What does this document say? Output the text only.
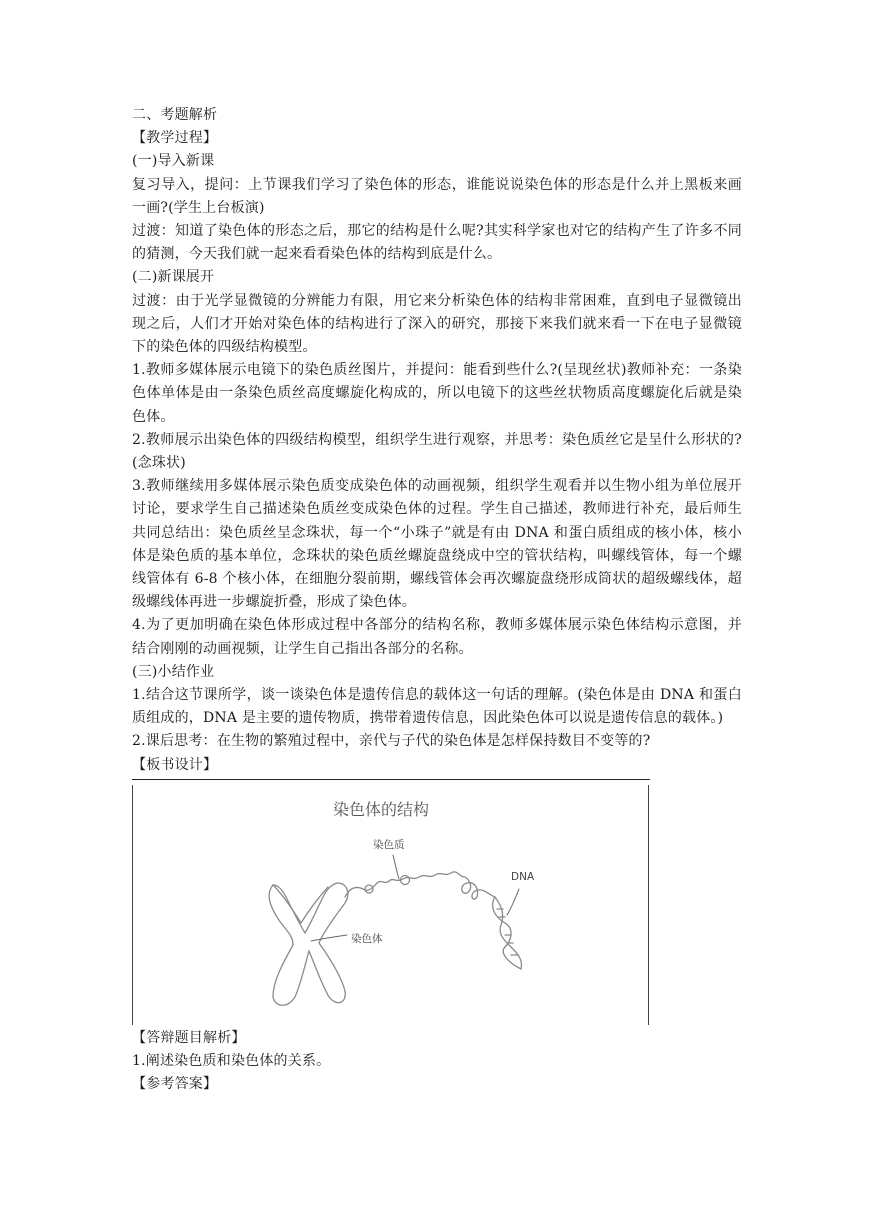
二、考题解析
【教学过程】
(一)导入新课
复习导入，提问：上节课我们学习了染色体的形态，谁能说说染色体的形态是什么并上黑板来画一画?(学生上台板演)
过渡：知道了染色体的形态之后，那它的结构是什么呢?其实科学家也对它的结构产生了许多不同的猜测，今天我们就一起来看看染色体的结构到底是什么。
(二)新课展开
过渡：由于光学显微镜的分辨能力有限，用它来分析染色体的结构非常困难，直到电子显微镜出现之后，人们才开始对染色体的结构进行了深入的研究，那接下来我们就来看一下在电子显微镜下的染色体的四级结构模型。
1.教师多媒体展示电镜下的染色质丝图片，并提问：能看到些什么?(呈现丝状)教师补充：一条染色体单体是由一条染色质丝高度螺旋化构成的，所以电镜下的这些丝状物质高度螺旋化后就是染色体。
2.教师展示出染色体的四级结构模型，组织学生进行观察，并思考：染色质丝它是呈什么形状的?(念珠状)
3.教师继续用多媒体展示染色质变成染色体的动画视频，组织学生观看并以生物小组为单位展开讨论，要求学生自己描述染色质丝变成染色体的过程。学生自己描述，教师进行补充，最后师生共同总结出：染色质丝呈念珠状，每一个“小珠子”就是有由 DNA 和蛋白质组成的核小体，核小体是染色质的基本单位，念珠状的染色质丝螺旋盘绕成中空的管状结构，叫螺线管体，每一个螺线管体有 6-8 个核小体，在细胞分裂前期，螺线管体会再次螺旋盘绕形成筒状的超级螺线体，超级螺线体再进一步螺旋折叠，形成了染色体。
4.为了更加明确在染色体形成过程中各部分的结构名称，教师多媒体展示染色体结构示意图，并结合刚刚的动画视频，让学生自己指出各部分的名称。
(三)小结作业
1.结合这节课所学，谈一谈染色体是遗传信息的载体这一句话的理解。(染色体是由 DNA 和蛋白质组成的，DNA 是主要的遗传物质，携带着遗传信息，因此染色体可以说是遗传信息的载体。)
2.课后思考：在生物的繁殖过程中，亲代与子代的染色体是怎样保持数目不变等的?
【板书设计】
染色体的结构
染色质
DNA
染色体
【答辩题目解析】
1.阐述染色质和染色体的关系。
【参考答案】
